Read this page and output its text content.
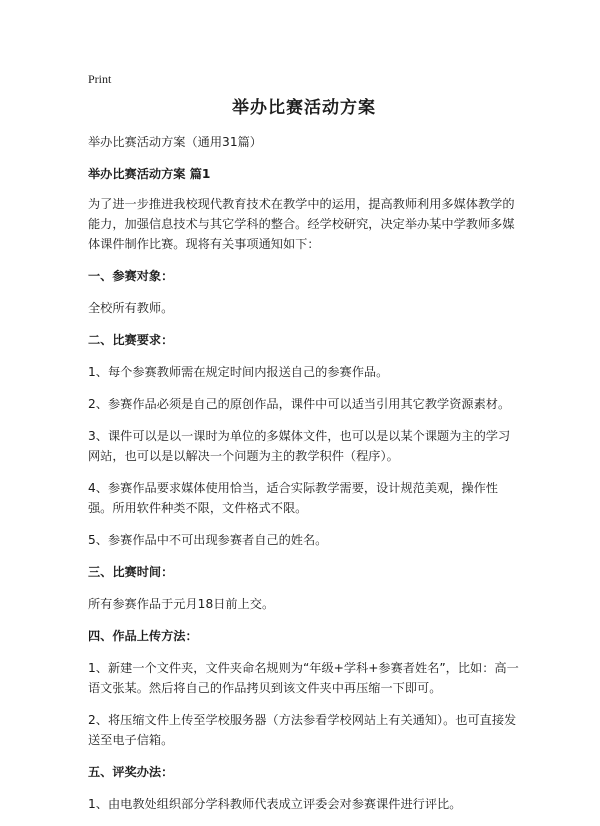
Print
举办比赛活动方案

举办比赛活动方案（通用31篇）

举办比赛活动方案 篇1

为了进一步推进我校现代教育技术在教学中的运用，提高教师利用多媒体教学的能力，加强信息技术与其它学科的整合。经学校研究，决定举办某中学教师多媒体课件制作比赛。现将有关事项通知如下：

一、参赛对象：

全校所有教师。

二、比赛要求：

1、每个参赛教师需在规定时间内报送自己的参赛作品。

2、参赛作品必须是自己的原创作品，课件中可以适当引用其它教学资源素材。

3、课件可以是以一课时为单位的多媒体文件，也可以是以某个课题为主的学习网站，也可以是以解决一个问题为主的教学积件（程序）。

4、参赛作品要求媒体使用恰当，适合实际教学需要，设计规范美观，操作性强。所用软件种类不限，文件格式不限。

5、参赛作品中不可出现参赛者自己的姓名。

三、比赛时间：

所有参赛作品于元月18日前上交。

四、作品上传方法：

1、新建一个文件夹，文件夹命名规则为“年级+学科+参赛者姓名”，比如：高一语文张某。然后将自己的作品拷贝到该文件夹中再压缩一下即可。

2、将压缩文件上传至学校服务器（方法参看学校网站上有关通知）。也可直接发送至电子信箱。

五、评奖办法：

1、由电教处组织部分学科教师代表成立评委会对参赛课件进行评比。
